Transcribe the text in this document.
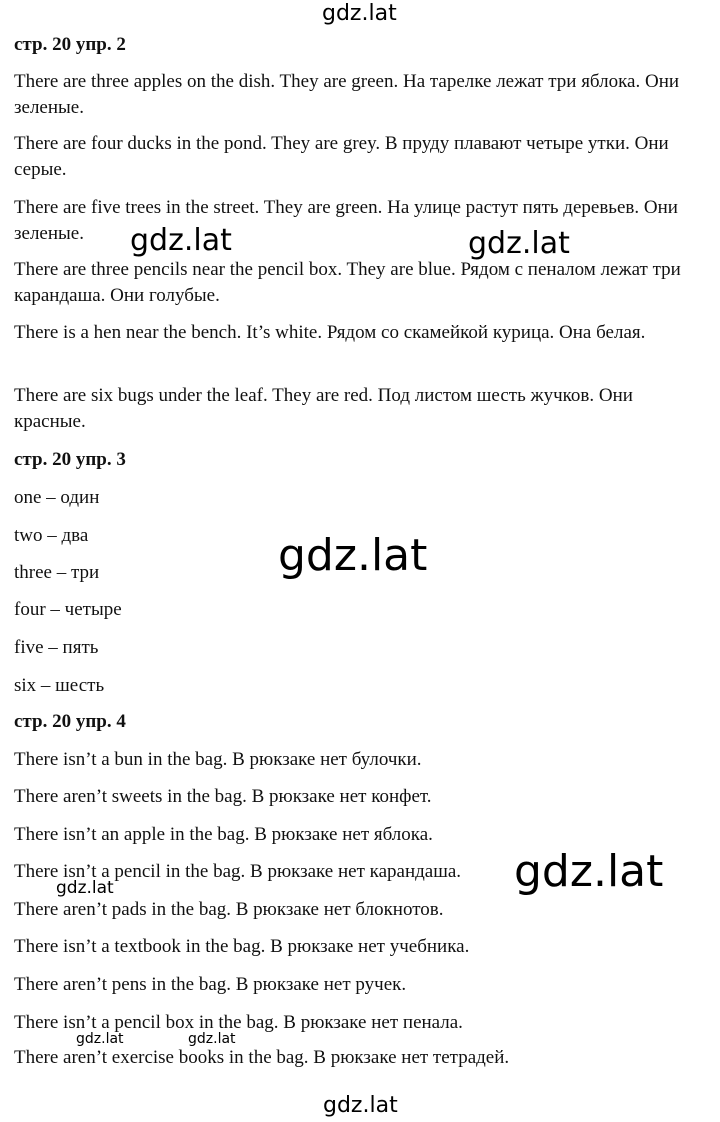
стр. 20 упр. 2

There are three apples on the dish. They are green. На тарелке лежат три яблока. Они зеленые.

There are four ducks in the pond. They are grey. В пруду плавают четыре утки. Они серые.

There are five trees in the street. They are green. На улице растут пять деревьев. Они зеленые.

There are three pencils near the pencil box. They are blue. Рядом с пеналом лежат три карандаша. Они голубые.

There is a hen near the bench. It’s white. Рядом со скамейкой курица. Она белая.

There are six bugs under the leaf. They are red. Под листом шесть жучков. Они красные.

стр. 20 упр. 3

one – один

two – два

three – три

four – четыре

five – пять

six – шесть

стр. 20 упр. 4

There isn’t a bun in the bag. В рюкзаке нет булочки.

There aren’t sweets in the bag. В рюкзаке нет конфет.

There isn’t an apple in the bag. В рюкзаке нет яблока.

There isn’t a pencil in the bag. В рюкзаке нет карандаша.

There aren’t pads in the bag. В рюкзаке нет блокнотов.

There isn’t a textbook in the bag. В рюкзаке нет учебника.

There aren’t pens in the bag. В рюкзаке нет ручек.

There isn’t a pencil box in the bag. В рюкзаке нет пенала.

There aren’t exercise books in the bag. В рюкзаке нет тетрадей.

gdz.lat
gdz.lat	gdz.lat
gdz.lat
gdz.lat
gdz.lat
gdz.lat	gdz.lat
gdz.lat
